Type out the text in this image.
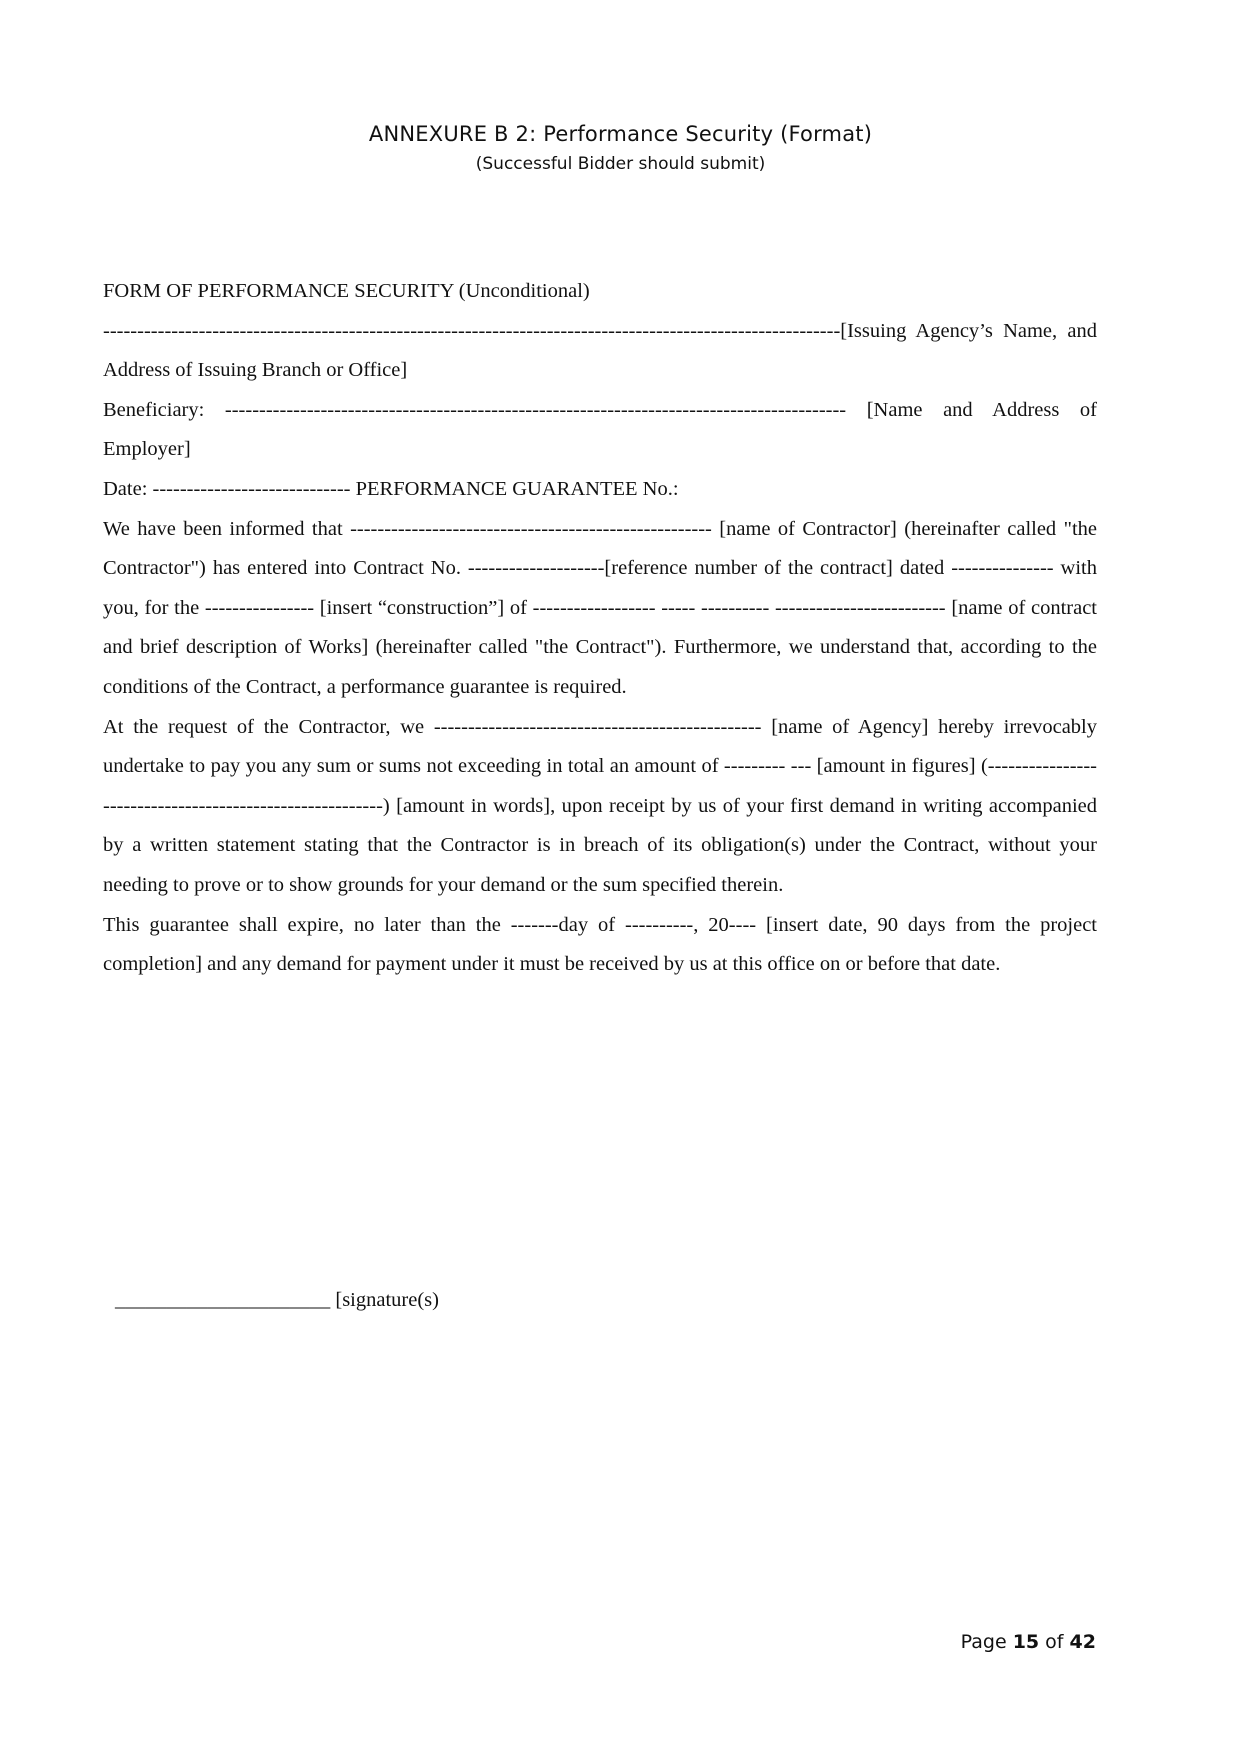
ANNEXURE B 2: Performance Security (Format)
(Successful Bidder should submit)

FORM OF PERFORMANCE SECURITY (Unconditional)

------------------------------------------------------------------------------------------------------------[Issuing Agency’s Name, and Address of Issuing Branch or Office]

Beneficiary: ------------------------------------------------------------------------------------------- [Name and Address of Employer]

Date: ----------------------------- PERFORMANCE GUARANTEE No.:

We have been informed that ----------------------------------------------------- [name of Contractor] (hereinafter called "the Contractor") has entered into Contract No. --------------------[reference number of the contract] dated --------------- with you, for the ---------------- [insert “construction”] of ------------------ ----- ---------- ------------------------- [name of contract and brief description of Works] (hereinafter called "the Contract"). Furthermore, we understand that, according to the conditions of the Contract, a performance guarantee is required.

At the request of the Contractor, we ------------------------------------------------ [name of Agency] hereby irrevocably undertake to pay you any sum or sums not exceeding in total an amount of --------- --- [amount in figures] (---------------------------------------------------------) [amount in words], upon receipt by us of your first demand in writing accompanied by a written statement stating that the Contractor is in breach of its obligation(s) under the Contract, without your needing to prove or to show grounds for your demand or the sum specified therein.

This guarantee shall expire, no later than the -------day of ----------, 20---- [insert date, 90 days from the project completion] and any demand for payment under it must be received by us at this office on or before that date.

_____________________ [signature(s)
Page 15 of 42
